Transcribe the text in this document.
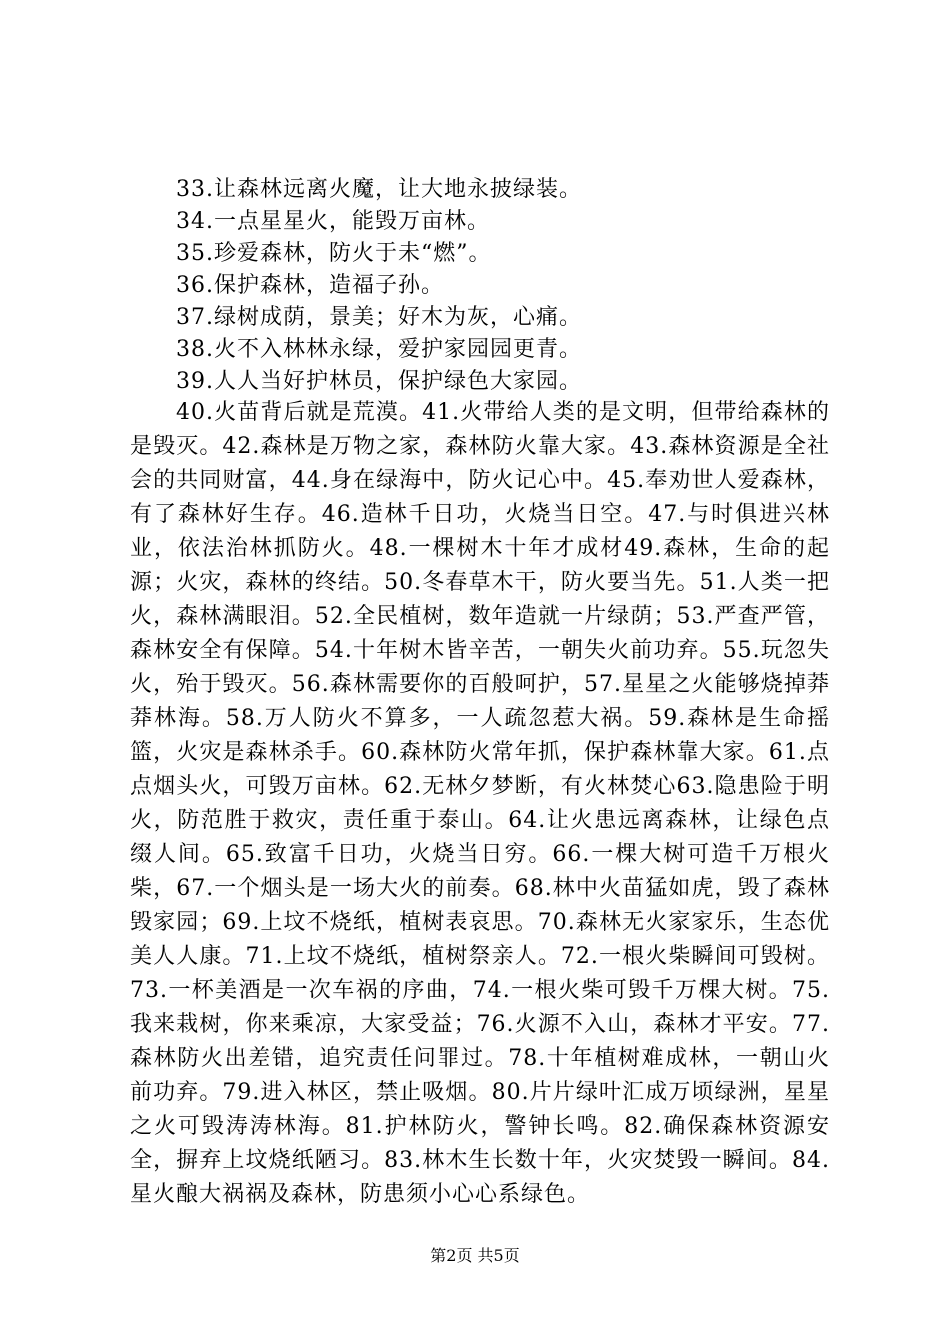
33.让森林远离火魔，让大地永披绿装。
34.一点星星火，能毁万亩林。
35.珍爱森林，防火于未“燃”。
36.保护森林，造福子孙。
37.绿树成荫，景美；好木为灰，心痛。
38.火不入林林永绿，爱护家园园更青。
39.人人当好护林员，保护绿色大家园。

40.火苗背后就是荒漠。41.火带给人类的是文明，但带给森林的是毁灭。42.森林是万物之家，森林防火靠大家。43.森林资源是全社会的共同财富，44.身在绿海中，防火记心中。45.奉劝世人爱森林，有了森林好生存。46.造林千日功，火烧当日空。47.与时俱进兴林业，依法治林抓防火。48.一棵树木十年才成材49.森林，生命的起源；火灾，森林的终结。50.冬春草木干，防火要当先。51.人类一把火，森林满眼泪。52.全民植树，数年造就一片绿荫；53.严查严管，森林安全有保障。54.十年树木皆辛苦，一朝失火前功弃。55.玩忽失火，殆于毁灭。56.森林需要你的百般呵护，57.星星之火能够烧掉莽莽林海。58.万人防火不算多，一人疏忽惹大祸。59.森林是生命摇篮，火灾是森林杀手。60.森林防火常年抓，保护森林靠大家。61.点点烟头火，可毁万亩林。62.无林夕梦断，有火林焚心63.隐患险于明火，防范胜于救灾，责任重于泰山。64.让火患远离森林，让绿色点缀人间。65.致富千日功，火烧当日穷。66.一棵大树可造千万根火柴，67.一个烟头是一场大火的前奏。68.林中火苗猛如虎，毁了森林毁家园；69.上坟不烧纸，植树表哀思。70.森林无火家家乐，生态优美人人康。71.上坟不烧纸，植树祭亲人。72.一根火柴瞬间可毁树。73.一杯美酒是一次车祸的序曲，74.一根火柴可毁千万棵大树。75.我来栽树，你来乘凉，大家受益；76.火源不入山，森林才平安。77.森林防火出差错，追究责任问罪过。78.十年植树难成林，一朝山火前功弃。79.进入林区，禁止吸烟。80.片片绿叶汇成万顷绿洲，星星之火可毁涛涛林海。81.护林防火，警钟长鸣。82.确保森林资源安全，摒弃上坟烧纸陋习。83.林木生长数十年，火灾焚毁一瞬间。84.星火酿大祸祸及森林，防患须小心心系绿色。

第2页 共5页
